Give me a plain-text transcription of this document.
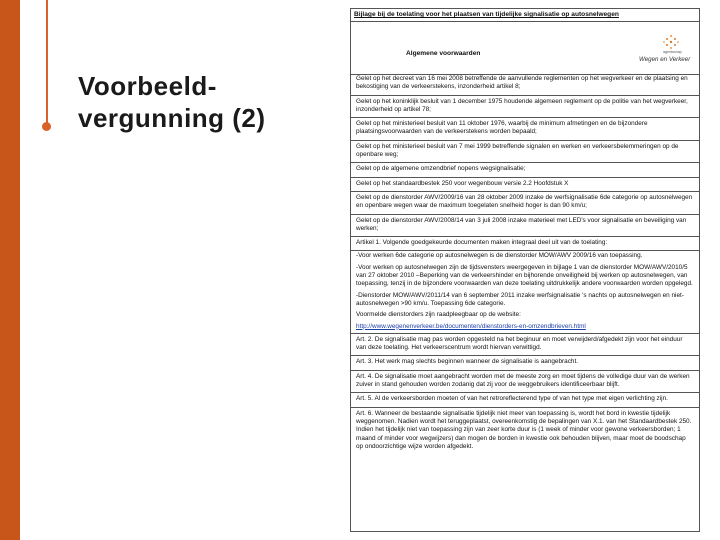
Voorbeeld-
vergunning (2)
Bijlage bij de toelating voor het plaatsen van tijdelijke signalisatie op autosnelwegen
Algemene voorwaarden	agentschap
Wegen en Verkeer
Gelet op het decreet van 16 mei 2008 betreffende de aanvullende reglementen op het wegverkeer en de plaatsing en bekostiging van de verkeerstekens, inzonderheid artikel 8;
Gelet op het koninklijk besluit van 1 december 1975 houdende algemeen reglement op de politie van het wegverkeer, inzonderheid op artikel 78;
Gelet op het ministerieel besluit van 11 oktober 1976, waarbij de minimum afmetingen en de bijzondere plaatsingsvoorwaarden van de verkeerstekens worden bepaald;
Gelet op het ministerieel besluit van 7 mei 1999 betreffende signalen en werken en verkeersbelemmeringen op de openbare weg;
Gelet op de algemene omzendbrief nopens wegsignalisatie;
Gelet op het standaardbestek 250 voor wegenbouw versie 2.2 Hoofdstuk X
Gelet op de dienstorder AWV/2009/16 van 28 oktober 2009 inzake de werfsignalisatie 6de categorie op autosnelwegen en openbare wegen waar de maximum toegelaten snelheid hoger is dan 90 km/u;
Gelet op de dienstorder AWV/2008/14 van 3 juli 2008 inzake materieel met LED's voor signalisatie en beveiliging van werken;
Artikel 1. Volgende goedgekeurde documenten maken integraal deel uit van de toelating:
-Voor werken 6de categorie op autosnelwegen is de dienstorder MOW/AWV 2009/16 van toepassing.
-Voor werken op autosnelwegen zijn de tijdsvensters weergegeven in bijlage 1 van de dienstorder MOW/AWV/2010/5 van 27 oktober 2010 –Beperking van de verkeershinder en bijhorende onveiligheid bij werken op autosnelwegen, van toepassing, tenzij in de bijzondere voorwaarden van deze toelating uitdrukkelijk andere voorwaarden worden opgelegd.
-Dienstorder MOW/AWV/2011/14 van 6 september 2011 inzake werfsignalisatie 's nachts op autosnelwegen en niet-autosnelwegen >90 km/u. Toepassing 6de categorie.
Voormelde dienstorders zijn raadpleegbaar op de website:
http://www.wegenenverkeer.be/documenten/dienstorders-en-omzendbrieven.html
Art. 2. De signalisatie mag pas worden opgesteld na het beginuur en moet verwijderd/afgedekt zijn voor het einduur van deze toelating. Het verkeerscentrum wordt hiervan verwittigd.
Art. 3. Het werk mag slechts beginnen wanneer de signalisatie is aangebracht.
Art. 4. De signalisatie moet aangebracht worden met de meeste zorg en moet tijdens de volledige duur van de werken zuiver in stand gehouden worden zodanig dat zij voor de weggebruikers identificeerbaar blijft.
Art. 5. Al de verkeersborden moeten of van het retroreflecterend type of van het type met eigen verlichting zijn.
Art. 6. Wanneer de bestaande signalisatie tijdelijk niet meer van toepassing is, wordt het bord in kwestie tijdelijk weggenomen. Nadien wordt het teruggeplaatst, overeenkomstig de bepalingen van X.1. van het Standaardbestek 250. Indien het tijdelijk niet van toepassing zijn van zeer korte duur is (1 week of minder voor gewone verkeersborden; 1 maand of minder voor wegwijzers) dan mogen de borden in kwestie ook behouden blijven, maar moet de boodschap op ondoorzichtige wijze worden afgedekt.
